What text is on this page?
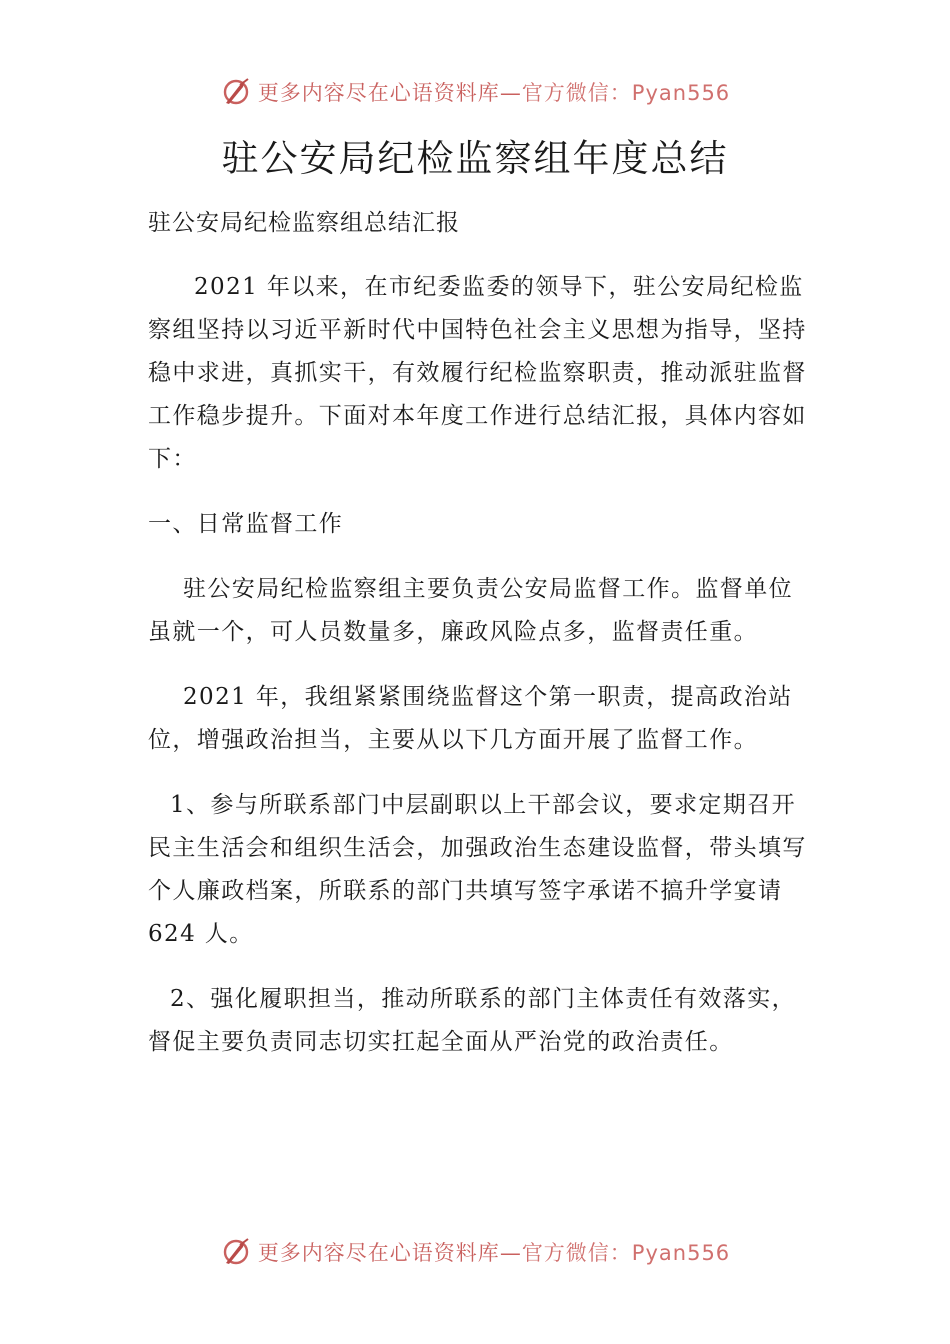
更多内容尽在心语资料库—官方微信：Pyan556
驻公安局纪检监察组年度总结

驻公安局纪检监察组总结汇报

2021 年以来，在市纪委监委的领导下，驻公安局纪检监察组坚持以习近平新时代中国特色社会主义思想为指导，坚持稳中求进，真抓实干，有效履行纪检监察职责，推动派驻监督工作稳步提升。下面对本年度工作进行总结汇报，具体内容如下：

一、日常监督工作

驻公安局纪检监察组主要负责公安局监督工作。监督单位虽就一个，可人员数量多，廉政风险点多，监督责任重。

2021 年，我组紧紧围绕监督这个第一职责，提高政治站位，增强政治担当，主要从以下几方面开展了监督工作。

1、参与所联系部门中层副职以上干部会议，要求定期召开民主生活会和组织生活会，加强政治生态建设监督，带头填写个人廉政档案，所联系的部门共填写签字承诺不搞升学宴请 624 人。

2、强化履职担当，推动所联系的部门主体责任有效落实，督促主要负责同志切实扛起全面从严治党的政治责任。

更多内容尽在心语资料库—官方微信：Pyan556
